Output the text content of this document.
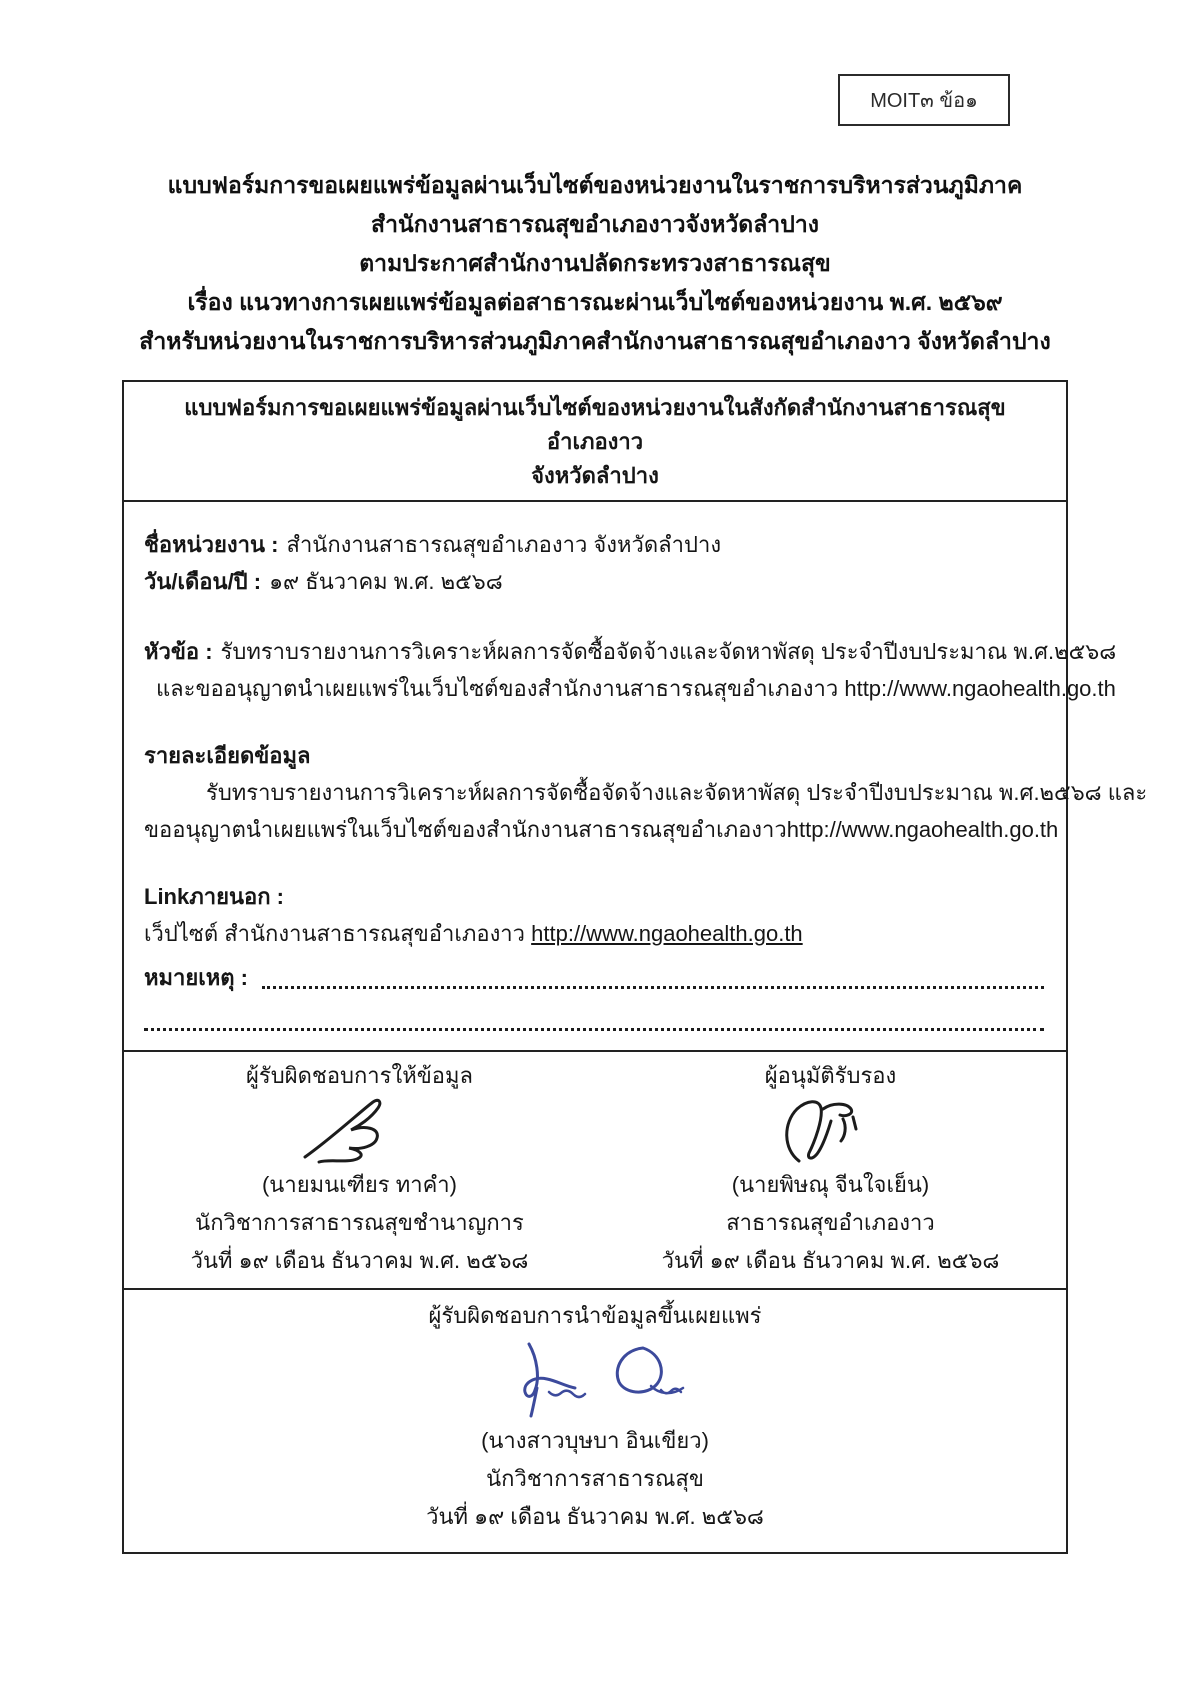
MOIT๓ ข้อ๑
แบบฟอร์มการขอเผยแพร่ข้อมูลผ่านเว็บไซต์ของหน่วยงานในราชการบริหารส่วนภูมิภาค
สำนักงานสาธารณสุขอำเภองาวจังหวัดลำปาง
ตามประกาศสำนักงานปลัดกระทรวงสาธารณสุข
เรื่อง แนวทางการเผยแพร่ข้อมูลต่อสาธารณะผ่านเว็บไซต์ของหน่วยงาน พ.ศ. ๒๕๖๙
สำหรับหน่วยงานในราชการบริหารส่วนภูมิภาคสำนักงานสาธารณสุขอำเภองาว จังหวัดลำปาง
แบบฟอร์มการขอเผยแพร่ข้อมูลผ่านเว็บไซต์ของหน่วยงานในสังกัดสำนักงานสาธารณสุขอำเภองาว
จังหวัดลำปาง
ชื่อหน่วยงาน : สำนักงานสาธารณสุขอำเภองาว จังหวัดลำปาง
วัน/เดือน/ปี : ๑๙ ธันวาคม พ.ศ. ๒๕๖๘
หัวข้อ : รับทราบรายงานการวิเคราะห์ผลการจัดซื้อจัดจ้างและจัดหาพัสดุ ประจำปีงบประมาณ พ.ศ.๒๕๖๘
และขออนุญาตนำเผยแพร่ในเว็บไซต์ของสำนักงานสาธารณสุขอำเภองาว http://www.ngaohealth.go.th
รายละเอียดข้อมูล
รับทราบรายงานการวิเคราะห์ผลการจัดซื้อจัดจ้างและจัดหาพัสดุ ประจำปีงบประมาณ พ.ศ.๒๕๖๘ และ
ขออนุญาตนำเผยแพร่ในเว็บไซต์ของสำนักงานสาธารณสุขอำเภองาวhttp://www.ngaohealth.go.th
Linkภายนอก :
เว็ปไซต์ สำนักงานสาธารณสุขอำเภองาว http://www.ngaohealth.go.th
หมายเหตุ :
ผู้รับผิดชอบการให้ข้อมูล
(นายมนเฑียร ทาคำ)
นักวิชาการสาธารณสุขชำนาญการ
วันที่ ๑๙ เดือน ธันวาคม พ.ศ. ๒๕๖๘
ผู้อนุมัติรับรอง
(นายพิษณุ จีนใจเย็น)
สาธารณสุขอำเภองาว
วันที่ ๑๙ เดือน ธันวาคม พ.ศ. ๒๕๖๘
ผู้รับผิดชอบการนำข้อมูลขึ้นเผยแพร่
(นางสาวบุษบา อินเขียว)
นักวิชาการสาธารณสุข
วันที่ ๑๙ เดือน ธันวาคม พ.ศ. ๒๕๖๘
